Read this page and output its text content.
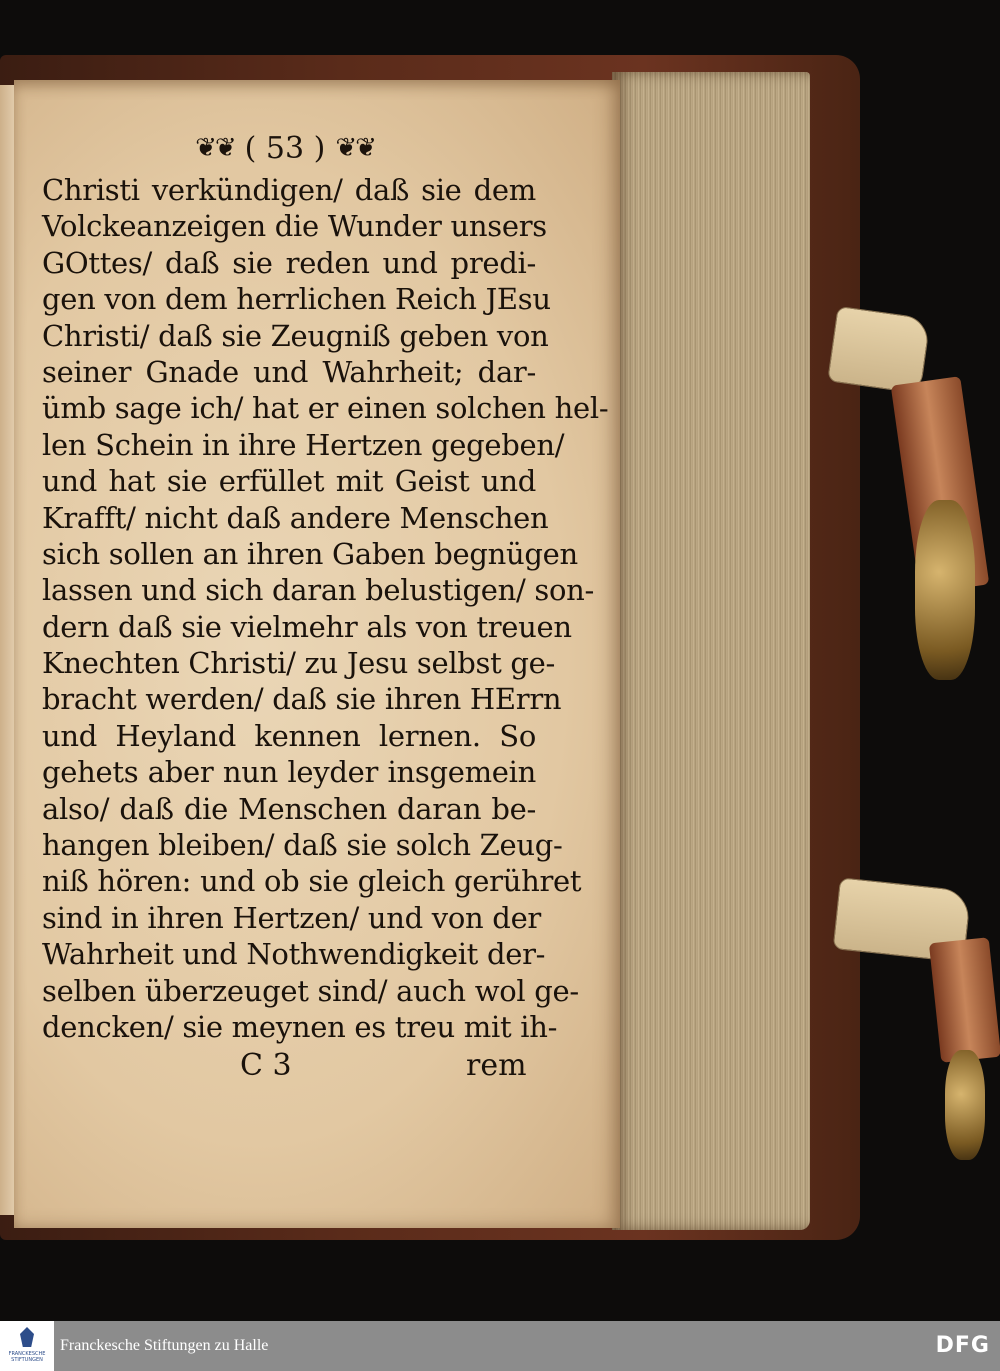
❦❦ ( 53 ) ❦❦
Christi verkündigen/ daß sie dem
Volckeanzeigen die Wunder unsers
GOttes/ daß sie reden und predi-
gen von dem herrlichen Reich JEsu
Christi/ daß sie Zeugniß geben von
seiner Gnade und Wahrheit; dar-
ümb sage ich/ hat er einen solchen hel-
len Schein in ihre Hertzen gegeben/
und hat sie erfüllet mit Geist und
Krafft/ nicht daß andere Menschen
sich sollen an ihren Gaben begnügen
lassen und sich daran belustigen/ son-
dern daß sie vielmehr als von treuen
Knechten Christi/ zu Jesu selbst ge-
bracht werden/ daß sie ihren HErrn
und Heyland kennen lernen. So
gehets aber nun leyder insgemein
also/ daß die Menschen daran be-
hangen bleiben/ daß sie solch Zeug-
niß hören: und ob sie gleich gerühret
sind in ihren Hertzen/ und von der
Wahrheit und Nothwendigkeit der-
selben überzeuget sind/ auch wol ge-
dencken/ sie meynen es treu mit ih-
C 3	rem
FRANCKESCHE STIFTUNGEN
Franckesche Stiftungen zu Halle	DFG
